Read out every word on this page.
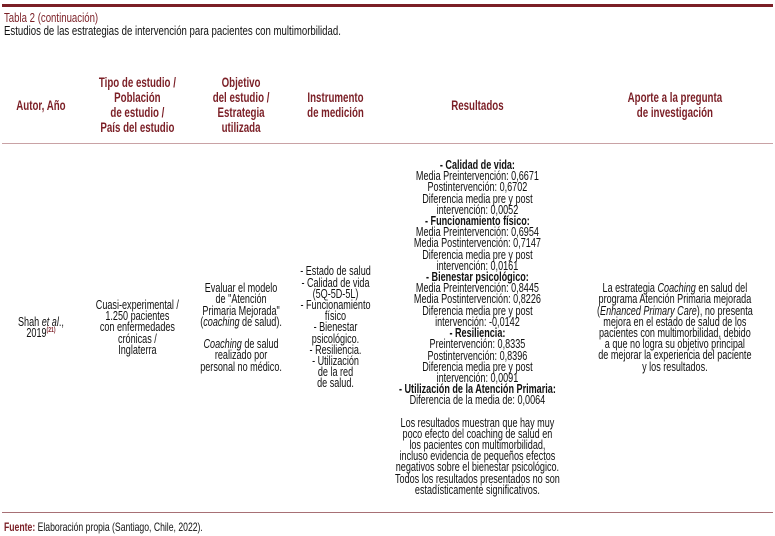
Tabla 2 (continuación)
Estudios de las estrategias de intervención para pacientes con multimorbilidad.
Autor, Año
Tipo de estudio /
Población
de estudio /
País del estudio
Objetivo
del estudio /
Estrategia
utilizada
Instrumento
de medición	Resultados	Aporte a la pregunta
de investigación
Shah et al.,
2019$^{(21)}$
Cuasi-experimental /
1.250 pacientes
con enfermedades
crónicas /
Inglaterra
Evaluar el modelo
de "Atención
Primaria Mejorada"
(coaching de salud).
Coaching de salud
realizado por
personal no médico.
- Estado de salud
- Calidad de vida
(5Q-5D-5L)
- Funcionamiento
físico
- Bienestar
psicológico.
- Resiliencia.
- Utilización
de la red
de salud.
- Calidad de vida:
Media Preintervención: 0,6671
Postintervención: 0,6702
Diferencia media pre y post
intervención: 0,0052
- Funcionamiento físico:
Media Preintervención: 0,6954
Media Postintervención: 0,7147
Diferencia media pre y post
intervención: 0,0161
- Bienestar psicológico:
Media Preintervención: 0,8445
Media Postintervención: 0,8226
Diferencia media pre y post
intervención: -0,0142
- Resiliencia:
Preintervención: 0,8335
Postintervención: 0,8396
Diferencia media pre y post
intervención: 0,0091
- Utilización de la Atención Primaria:
Diferencia de la media de: 0,0064
Los resultados muestran que hay muy
poco efecto del coaching de salud en
los pacientes con multimorbilidad,
incluso evidencia de pequeños efectos
negativos sobre el bienestar psicológico.
Todos los resultados presentados no son
estadísticamente significativos.
La estrategia Coaching en salud del
programa Atención Primaria mejorada
(Enhanced Primary Care), no presenta
mejora en el estado de salud de los
pacientes con multimorbilidad, debido
a que no logra su objetivo principal
de mejorar la experiencia del paciente
y los resultados.
Fuente: Elaboración propia (Santiago, Chile, 2022).
